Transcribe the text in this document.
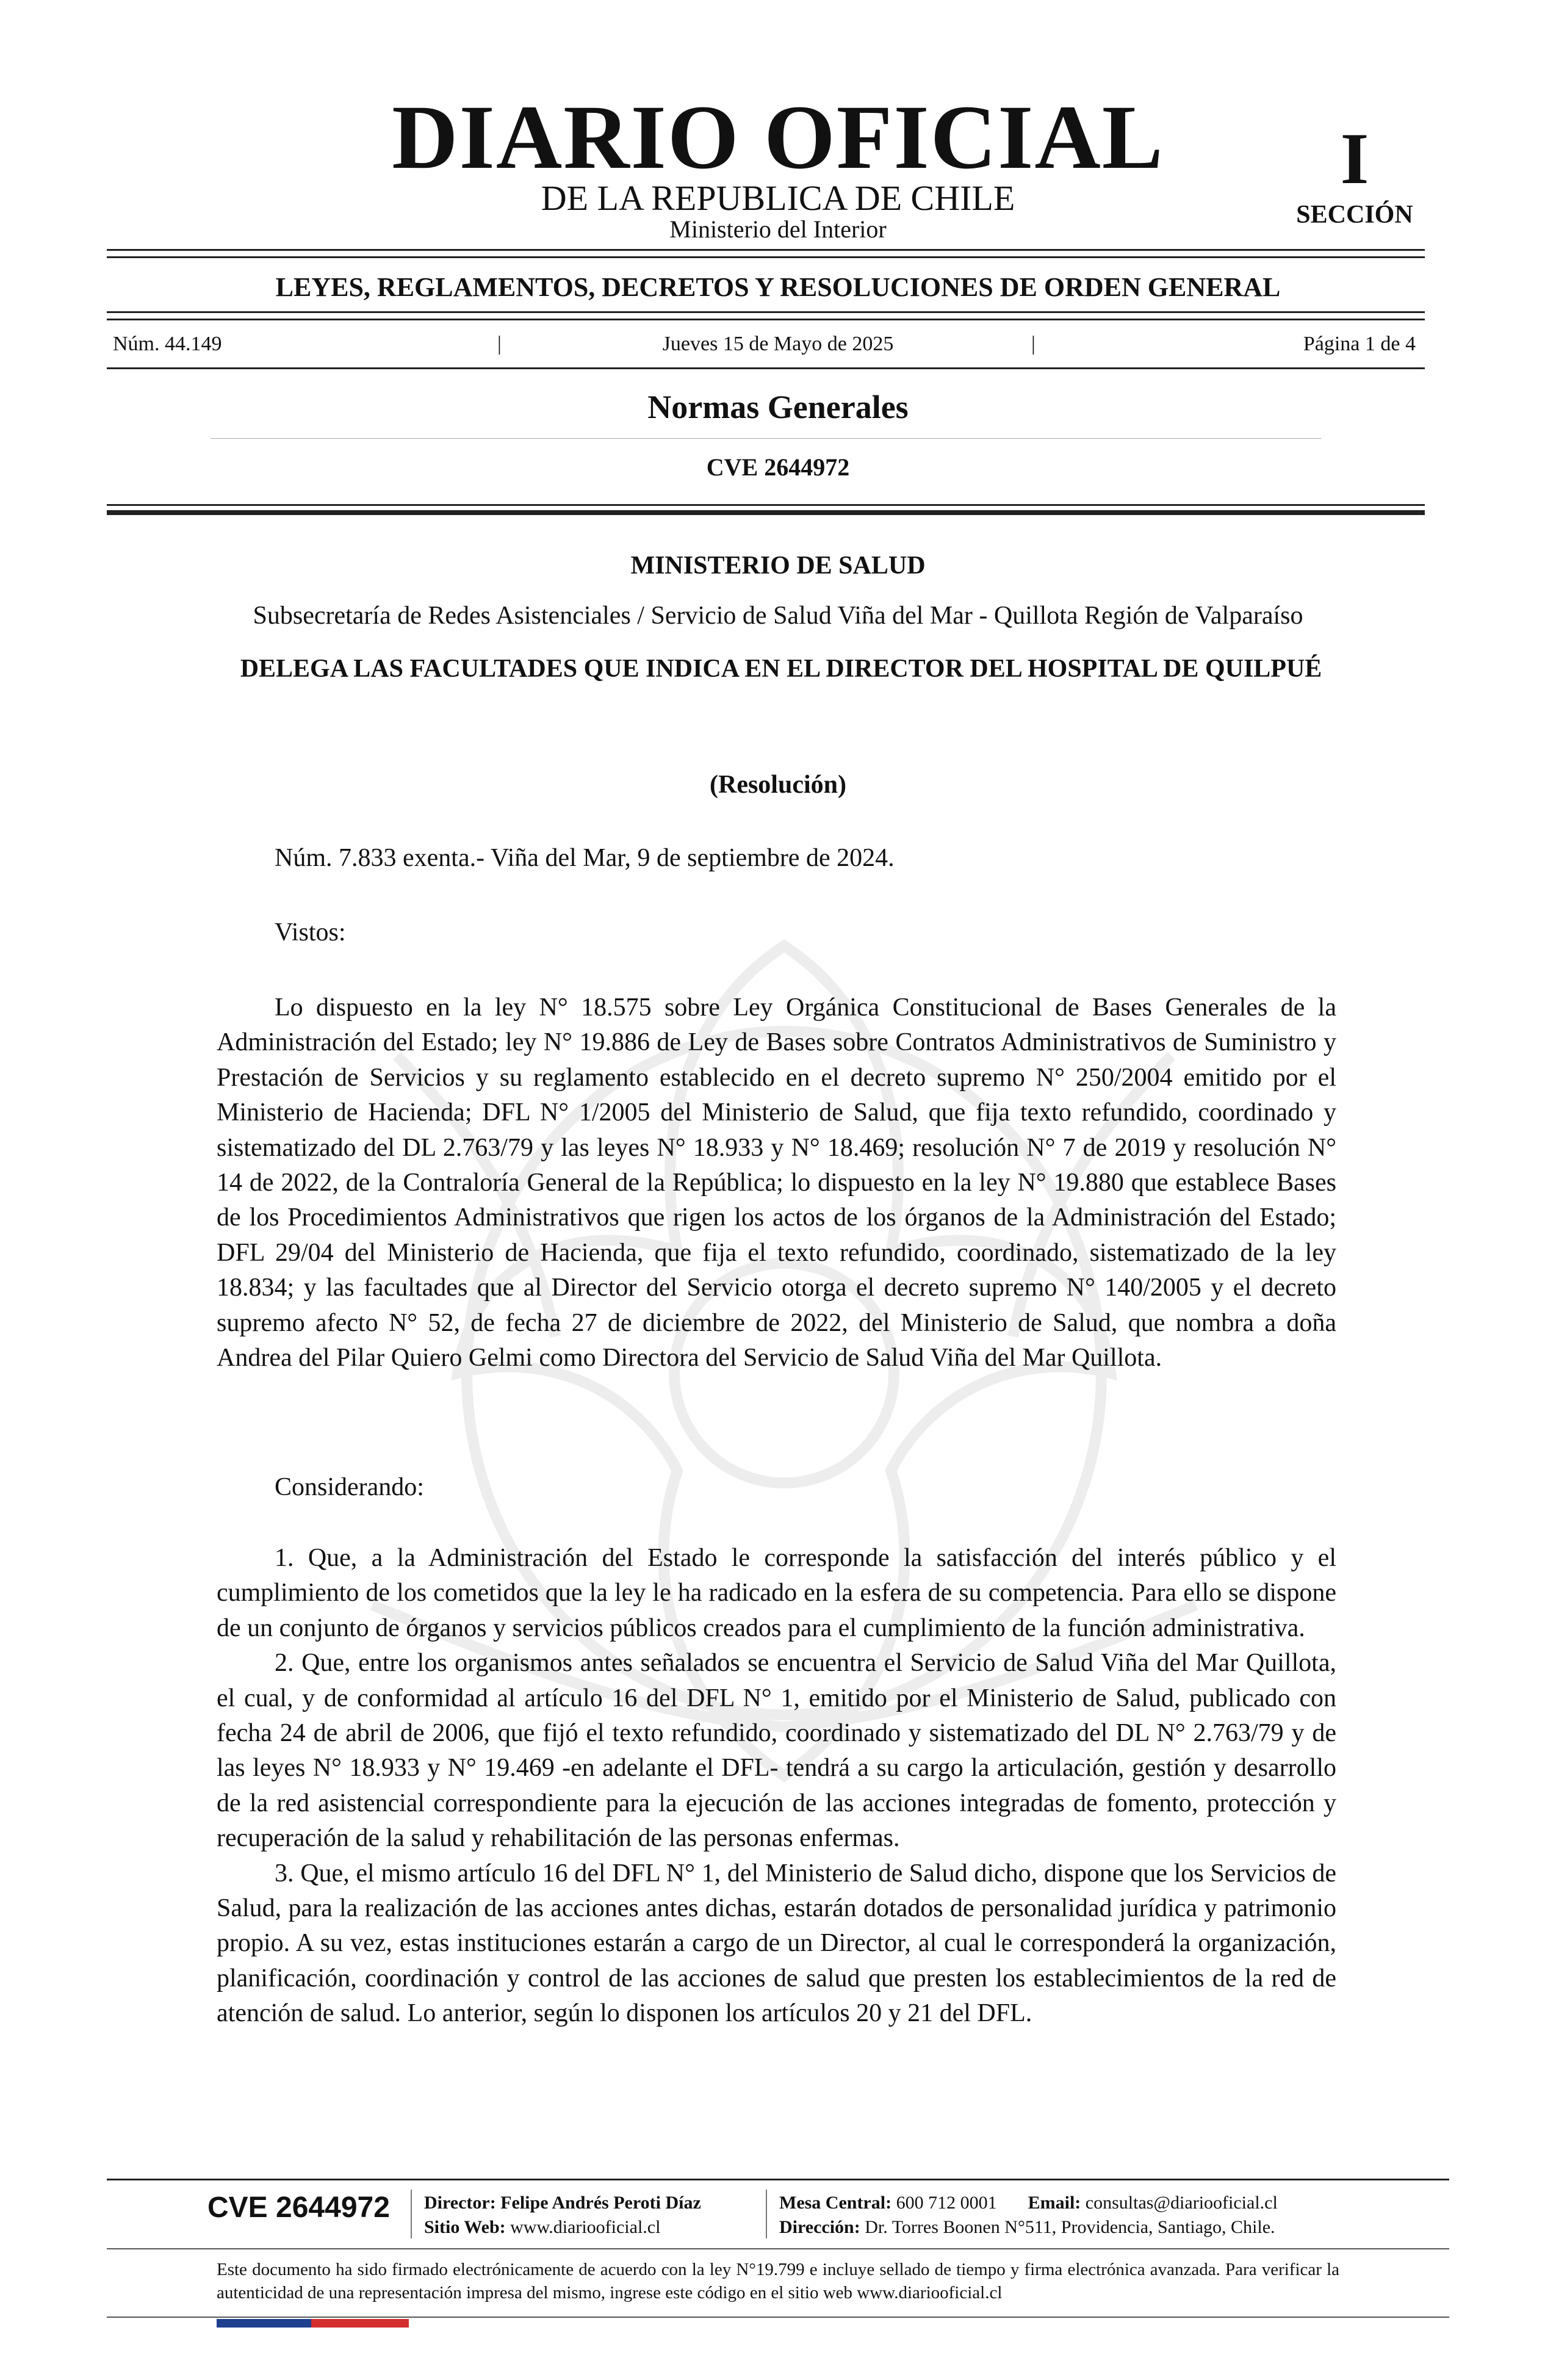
DIARIO OFICIAL
DE LA REPUBLICA DE CHILE
Ministerio del Interior
I
SECCIÓN
LEYES, REGLAMENTOS, DECRETOS Y RESOLUCIONES DE ORDEN GENERAL
Núm. 44.149	|	Jueves 15 de Mayo de 2025	|	Página 1 de 4
Normas Generales
CVE 2644972
MINISTERIO DE SALUD
Subsecretaría de Redes Asistenciales / Servicio de Salud Viña del Mar - Quillota Región de Valparaíso
DELEGA LAS FACULTADES QUE INDICA EN EL DIRECTOR DEL HOSPITAL DE QUILPUÉ
(Resolución)

Núm. 7.833 exenta.- Viña del Mar, 9 de septiembre de 2024.

Vistos:

Lo dispuesto en la ley N° 18.575 sobre Ley Orgánica Constitucional de Bases Generales de la Administración del Estado; ley N° 19.886 de Ley de Bases sobre Contratos Administrativos de Suministro y Prestación de Servicios y su reglamento establecido en el decreto supremo N° 250/2004 emitido por el Ministerio de Hacienda; DFL N° 1/2005 del Ministerio de Salud, que fija texto refundido, coordinado y sistematizado del DL 2.763/79 y las leyes N° 18.933 y N° 18.469; resolución N° 7 de 2019 y resolución N° 14 de 2022, de la Contraloría General de la República; lo dispuesto en la ley N° 19.880 que establece Bases de los Procedimientos Administrativos que rigen los actos de los órganos de la Administración del Estado; DFL 29/04 del Ministerio de Hacienda, que fija el texto refundido, coordinado, sistematizado de la ley 18.834; y las facultades que al Director del Servicio otorga el decreto supremo N° 140/2005 y el decreto supremo afecto N° 52, de fecha 27 de diciembre de 2022, del Ministerio de Salud, que nombra a doña Andrea del Pilar Quiero Gelmi como Directora del Servicio de Salud Viña del Mar Quillota.

Considerando:

1. Que, a la Administración del Estado le corresponde la satisfacción del interés público y el cumplimiento de los cometidos que la ley le ha radicado en la esfera de su competencia. Para ello se dispone de un conjunto de órganos y servicios públicos creados para el cumplimiento de la función administrativa.

2. Que, entre los organismos antes señalados se encuentra el Servicio de Salud Viña del Mar Quillota, el cual, y de conformidad al artículo 16 del DFL N° 1, emitido por el Ministerio de Salud, publicado con fecha 24 de abril de 2006, que fijó el texto refundido, coordinado y sistematizado del DL N° 2.763/79 y de las leyes N° 18.933 y N° 19.469 -en adelante el DFL- tendrá a su cargo la articulación, gestión y desarrollo de la red asistencial correspondiente para la ejecución de las acciones integradas de fomento, protección y recuperación de la salud y rehabilitación de las personas enfermas.

3. Que, el mismo artículo 16 del DFL N° 1, del Ministerio de Salud dicho, dispone que los Servicios de Salud, para la realización de las acciones antes dichas, estarán dotados de personalidad jurídica y patrimonio propio. A su vez, estas instituciones estarán a cargo de un Director, al cual le corresponderá la organización, planificación, coordinación y control de las acciones de salud que presten los establecimientos de la red de atención de salud. Lo anterior, según lo disponen los artículos 20 y 21 del DFL.

CVE 2644972 Director: Felipe Andrés Peroti Díaz
Sitio Web: www.diariooficial.cl
Mesa Central: 600 712 0001 Email: consultas@diariooficial.cl
Dirección: Dr. Torres Boonen N°511, Providencia, Santiago, Chile.
Este documento ha sido firmado electrónicamente de acuerdo con la ley N°19.799 e incluye sellado de tiempo y firma electrónica avanzada. Para verificar la autenticidad de una representación impresa del mismo, ingrese este código en el sitio web www.diariooficial.cl
